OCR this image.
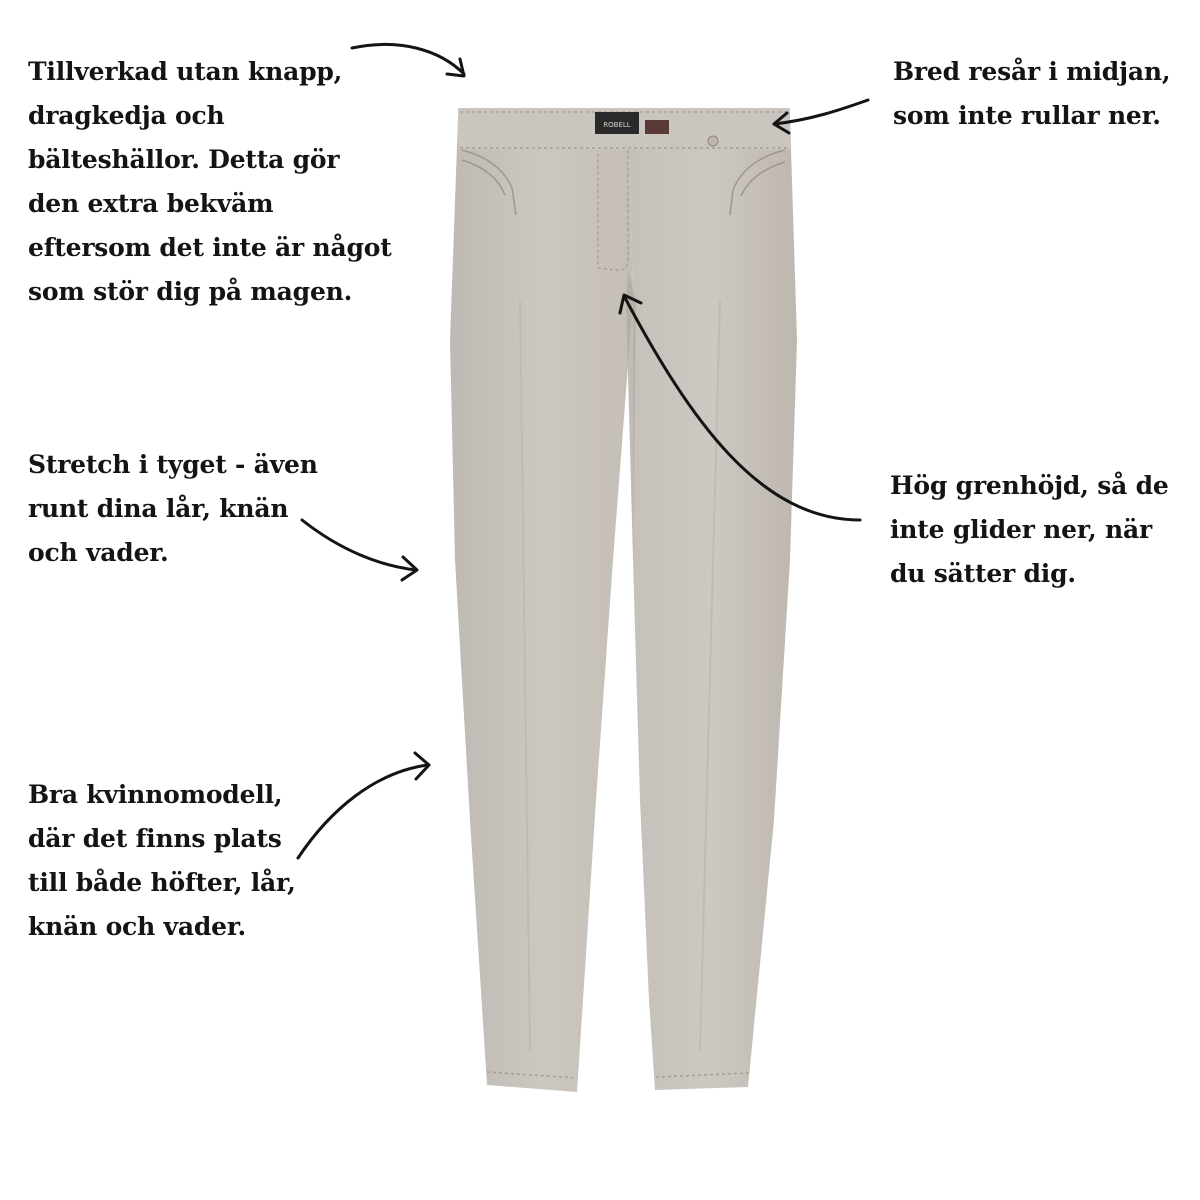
ROBELL

Tillverkad utan knapp,
dragkedja och
bälteshällor. Detta gör
den extra bekväm
eftersom det inte är något
som stör dig på magen.

Bred resår i midjan,
som inte rullar ner.

Stretch i tyget - även
runt dina lår, knän
och vader.

Hög grenhöjd, så de
inte glider ner, när
du sätter dig.

Bra kvinnomodell,
där det finns plats
till både höfter, lår,
knän och vader.
